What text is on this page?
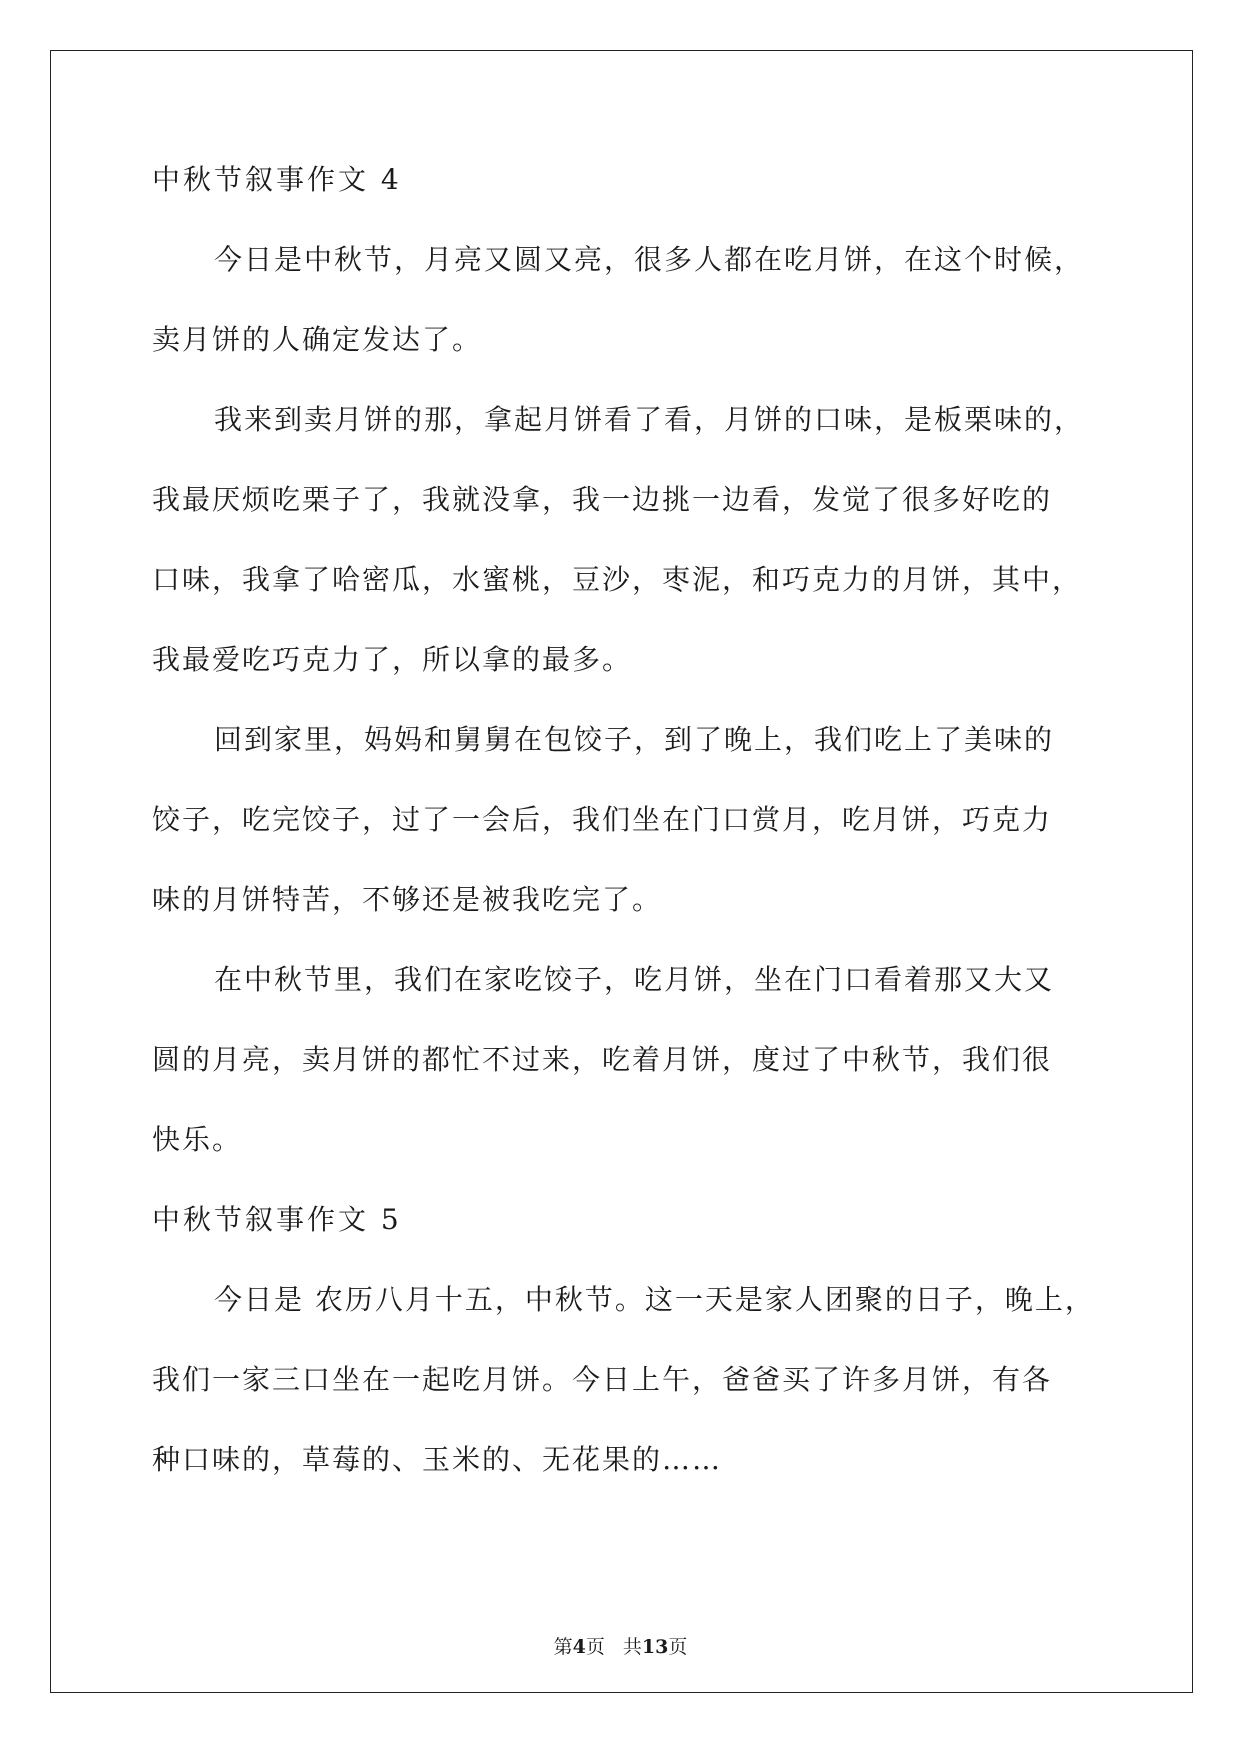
中秋节叙事作文 4
今日是中秋节，月亮又圆又亮，很多人都在吃月饼，在这个时候，
卖月饼的人确定发达了。
我来到卖月饼的那，拿起月饼看了看，月饼的口味，是板栗味的，
我最厌烦吃栗子了，我就没拿，我一边挑一边看，发觉了很多好吃的
口味，我拿了哈密瓜，水蜜桃，豆沙，枣泥，和巧克力的月饼，其中，
我最爱吃巧克力了，所以拿的最多。
回到家里，妈妈和舅舅在包饺子，到了晚上，我们吃上了美味的
饺子，吃完饺子，过了一会后，我们坐在门口赏月，吃月饼，巧克力
味的月饼特苦，不够还是被我吃完了。
在中秋节里，我们在家吃饺子，吃月饼，坐在门口看着那又大又
圆的月亮，卖月饼的都忙不过来，吃着月饼，度过了中秋节，我们很
快乐。
中秋节叙事作文 5
今日是 农历八月十五，中秋节。这一天是家人团聚的日子，晚上，
我们一家三口坐在一起吃月饼。今日上午，爸爸买了许多月饼，有各
种口味的，草莓的、玉米的、无花果的……
第4页 共13页
